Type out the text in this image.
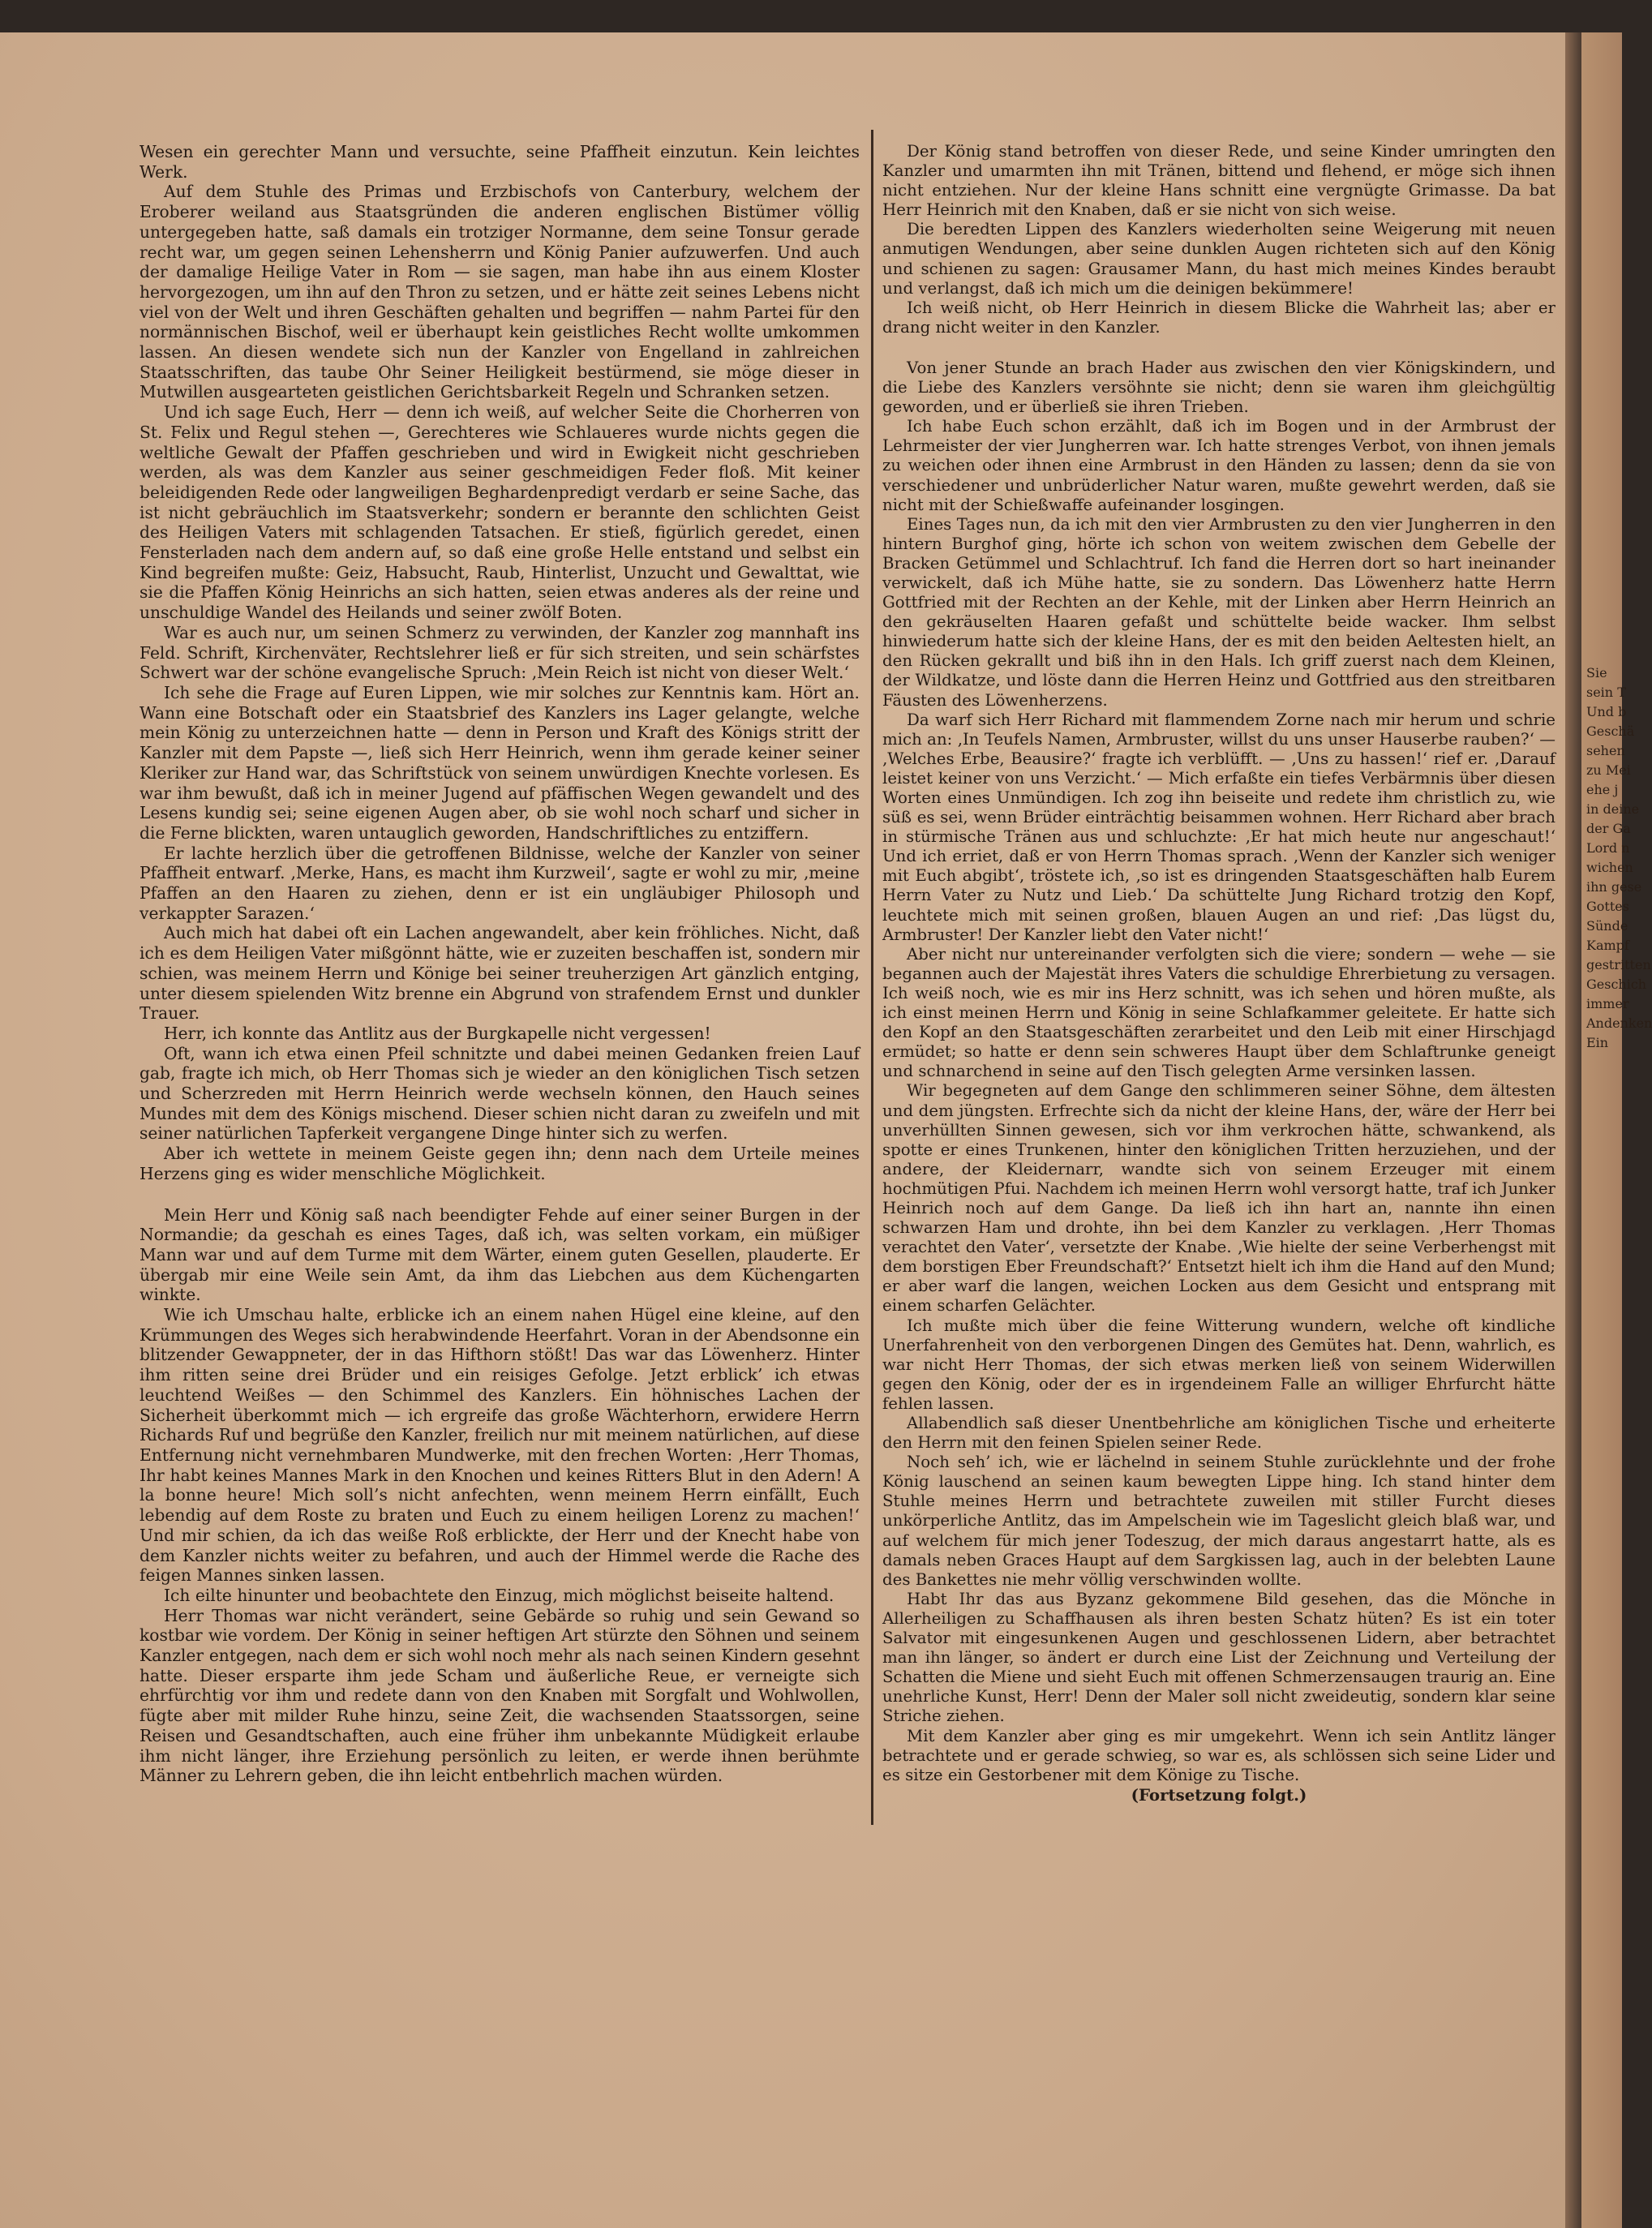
Sie
sein T
Und b
Geschä
sehen
zu Mei
ehe j
in deine
der Ga
Lord n
wichen
ihn gese
Gottes
Sünde
Kampf
gestritten
Geschich
immer
Andenken
Ein

Wesen ein gerechter Mann und versuchte, seine Pfaffheit einzutun. Kein leichtes Werk.

Auf dem Stuhle des Primas und Erzbischofs von Canterbury, welchem der Eroberer weiland aus Staatsgründen die anderen englischen Bistümer völlig untergegeben hatte, saß damals ein trotziger Normanne, dem seine Tonsur gerade recht war, um gegen seinen Lehensherrn und König Panier aufzuwerfen. Und auch der damalige Heilige Vater in Rom — sie sagen, man habe ihn aus einem Kloster hervorgezogen, um ihn auf den Thron zu setzen, und er hätte zeit seines Lebens nicht viel von der Welt und ihren Geschäften gehalten und begriffen — nahm Partei für den normännischen Bischof, weil er überhaupt kein geistliches Recht wollte umkommen lassen. An diesen wendete sich nun der Kanzler von Engelland in zahlreichen Staatsschriften, das taube Ohr Seiner Heiligkeit bestürmend, sie möge dieser in Mutwillen ausgearteten geistlichen Gerichtsbarkeit Regeln und Schranken setzen.

Und ich sage Euch, Herr — denn ich weiß, auf welcher Seite die Chorherren von St. Felix und Regul stehen —, Gerechteres wie Schlaueres wurde nichts gegen die weltliche Gewalt der Pfaffen geschrieben und wird in Ewigkeit nicht geschrieben werden, als was dem Kanzler aus seiner geschmeidigen Feder floß. Mit keiner beleidigenden Rede oder langweiligen Beghardenpredigt verdarb er seine Sache, das ist nicht gebräuchlich im Staatsverkehr; sondern er berannte den schlichten Geist des Heiligen Vaters mit schlagenden Tatsachen. Er stieß, figürlich geredet, einen Fensterladen nach dem andern auf, so daß eine große Helle entstand und selbst ein Kind begreifen mußte: Geiz, Habsucht, Raub, Hinterlist, Unzucht und Gewalttat, wie sie die Pfaffen König Heinrichs an sich hatten, seien etwas anderes als der reine und unschuldige Wandel des Heilands und seiner zwölf Boten.

War es auch nur, um seinen Schmerz zu verwinden, der Kanzler zog mannhaft ins Feld. Schrift, Kirchenväter, Rechtslehrer ließ er für sich streiten, und sein schärfstes Schwert war der schöne evangelische Spruch: ‚Mein Reich ist nicht von dieser Welt.‘

Ich sehe die Frage auf Euren Lippen, wie mir solches zur Kenntnis kam. Hört an. Wann eine Botschaft oder ein Staatsbrief des Kanzlers ins Lager gelangte, welche mein König zu unterzeichnen hatte — denn in Person und Kraft des Königs stritt der Kanzler mit dem Papste —, ließ sich Herr Heinrich, wenn ihm gerade keiner seiner Kleriker zur Hand war, das Schriftstück von seinem unwürdigen Knechte vorlesen. Es war ihm bewußt, daß ich in meiner Jugend auf pfäffischen Wegen gewandelt und des Lesens kundig sei; seine eigenen Augen aber, ob sie wohl noch scharf und sicher in die Ferne blickten, waren untauglich geworden, Handschriftliches zu entziffern.

Er lachte herzlich über die getroffenen Bildnisse, welche der Kanzler von seiner Pfaffheit entwarf. ‚Merke, Hans, es macht ihm Kurzweil‘, sagte er wohl zu mir, ‚meine Pfaffen an den Haaren zu ziehen, denn er ist ein ungläubiger Philosoph und verkappter Sarazen.‘

Auch mich hat dabei oft ein Lachen angewandelt, aber kein fröhliches. Nicht, daß ich es dem Heiligen Vater mißgönnt hätte, wie er zuzeiten beschaffen ist, sondern mir schien, was meinem Herrn und Könige bei seiner treuherzigen Art gänzlich entging, unter diesem spielenden Witz brenne ein Abgrund von strafendem Ernst und dunkler Trauer.

Herr, ich konnte das Antlitz aus der Burgkapelle nicht vergessen!

Oft, wann ich etwa einen Pfeil schnitzte und dabei meinen Gedanken freien Lauf gab, fragte ich mich, ob Herr Thomas sich je wieder an den königlichen Tisch setzen und Scherzreden mit Herrn Heinrich werde wechseln können, den Hauch seines Mundes mit dem des Königs mischend. Dieser schien nicht daran zu zweifeln und mit seiner natürlichen Tapferkeit vergangene Dinge hinter sich zu werfen.

Aber ich wettete in meinem Geiste gegen ihn; denn nach dem Urteile meines Herzens ging es wider menschliche Möglichkeit.

Mein Herr und König saß nach beendigter Fehde auf einer seiner Burgen in der Normandie; da geschah es eines Tages, daß ich, was selten vorkam, ein müßiger Mann war und auf dem Turme mit dem Wärter, einem guten Gesellen, plauderte. Er übergab mir eine Weile sein Amt, da ihm das Liebchen aus dem Küchengarten winkte.

Wie ich Umschau halte, erblicke ich an einem nahen Hügel eine kleine, auf den Krümmungen des Weges sich herabwindende Heerfahrt. Voran in der Abendsonne ein blitzender Gewappneter, der in das Hifthorn stößt! Das war das Löwenherz. Hinter ihm ritten seine drei Brüder und ein reisiges Gefolge. Jetzt erblick’ ich etwas leuchtend Weißes — den Schimmel des Kanzlers. Ein höhnisches Lachen der Sicherheit überkommt mich — ich ergreife das große Wächterhorn, erwidere Herrn Richards Ruf und begrüße den Kanzler, freilich nur mit meinem natürlichen, auf diese Entfernung nicht vernehmbaren Mundwerke, mit den frechen Worten: ‚Herr Thomas, Ihr habt keines Mannes Mark in den Knochen und keines Ritters Blut in den Adern! A la bonne heure! Mich soll’s nicht anfechten, wenn meinem Herrn einfällt, Euch lebendig auf dem Roste zu braten und Euch zu einem heiligen Lorenz zu machen!‘ Und mir schien, da ich das weiße Roß erblickte, der Herr und der Knecht habe von dem Kanzler nichts weiter zu befahren, und auch der Himmel werde die Rache des feigen Mannes sinken lassen.

Ich eilte hinunter und beobachtete den Einzug, mich möglichst beiseite haltend.

Herr Thomas war nicht verändert, seine Gebärde so ruhig und sein Gewand so kostbar wie vordem. Der König in seiner heftigen Art stürzte den Söhnen und seinem Kanzler entgegen, nach dem er sich wohl noch mehr als nach seinen Kindern gesehnt hatte. Dieser ersparte ihm jede Scham und äußerliche Reue, er verneigte sich ehrfürchtig vor ihm und redete dann von den Knaben mit Sorgfalt und Wohlwollen, fügte aber mit milder Ruhe hinzu, seine Zeit, die wachsenden Staatssorgen, seine Reisen und Gesandtschaften, auch eine früher ihm unbekannte Müdigkeit erlaube ihm nicht länger, ihre Erziehung persönlich zu leiten, er werde ihnen berühmte Männer zu Lehrern geben, die ihn leicht entbehrlich machen würden.

Der König stand betroffen von dieser Rede, und seine Kinder umringten den Kanzler und umarmten ihn mit Tränen, bittend und flehend, er möge sich ihnen nicht entziehen. Nur der kleine Hans schnitt eine vergnügte Grimasse. Da bat Herr Heinrich mit den Knaben, daß er sie nicht von sich weise.

Die beredten Lippen des Kanzlers wiederholten seine Weigerung mit neuen anmutigen Wendungen, aber seine dunklen Augen richteten sich auf den König und schienen zu sagen: Grausamer Mann, du hast mich meines Kindes beraubt und verlangst, daß ich mich um die deinigen bekümmere!

Ich weiß nicht, ob Herr Heinrich in diesem Blicke die Wahrheit las; aber er drang nicht weiter in den Kanzler.

Von jener Stunde an brach Hader aus zwischen den vier Königskindern, und die Liebe des Kanzlers versöhnte sie nicht; denn sie waren ihm gleichgültig geworden, und er überließ sie ihren Trieben.

Ich habe Euch schon erzählt, daß ich im Bogen und in der Armbrust der Lehrmeister der vier Jungherren war. Ich hatte strenges Verbot, von ihnen jemals zu weichen oder ihnen eine Armbrust in den Händen zu lassen; denn da sie von verschiedener und unbrüderlicher Natur waren, mußte gewehrt werden, daß sie nicht mit der Schießwaffe aufeinander losgingen.

Eines Tages nun, da ich mit den vier Armbrusten zu den vier Jungherren in den hintern Burghof ging, hörte ich schon von weitem zwischen dem Gebelle der Bracken Getümmel und Schlachtruf. Ich fand die Herren dort so hart ineinander verwickelt, daß ich Mühe hatte, sie zu sondern. Das Löwenherz hatte Herrn Gottfried mit der Rechten an der Kehle, mit der Linken aber Herrn Heinrich an den gekräuselten Haaren gefaßt und schüttelte beide wacker. Ihm selbst hinwiederum hatte sich der kleine Hans, der es mit den beiden Aeltesten hielt, an den Rücken gekrallt und biß ihn in den Hals. Ich griff zuerst nach dem Kleinen, der Wildkatze, und löste dann die Herren Heinz und Gottfried aus den streitbaren Fäusten des Löwenherzens.

Da warf sich Herr Richard mit flammendem Zorne nach mir herum und schrie mich an: ‚In Teufels Namen, Armbruster, willst du uns unser Hauserbe rauben?‘ — ‚Welches Erbe, Beausire?‘ fragte ich verblüfft. — ‚Uns zu hassen!‘ rief er. ‚Darauf leistet keiner von uns Verzicht.‘ — Mich erfaßte ein tiefes Verbärmnis über diesen Worten eines Unmündigen. Ich zog ihn beiseite und redete ihm christlich zu, wie süß es sei, wenn Brüder einträchtig beisammen wohnen. Herr Richard aber brach in stürmische Tränen aus und schluchzte: ‚Er hat mich heute nur angeschaut!‘ Und ich erriet, daß er von Herrn Thomas sprach. ‚Wenn der Kanzler sich weniger mit Euch abgibt‘, tröstete ich, ‚so ist es dringenden Staatsgeschäften halb Eurem Herrn Vater zu Nutz und Lieb.‘ Da schüttelte Jung Richard trotzig den Kopf, leuchtete mich mit seinen großen, blauen Augen an und rief: ‚Das lügst du, Armbruster! Der Kanzler liebt den Vater nicht!‘

Aber nicht nur untereinander verfolgten sich die viere; sondern — wehe — sie begannen auch der Majestät ihres Vaters die schuldige Ehrerbietung zu versagen. Ich weiß noch, wie es mir ins Herz schnitt, was ich sehen und hören mußte, als ich einst meinen Herrn und König in seine Schlafkammer geleitete. Er hatte sich den Kopf an den Staatsgeschäften zerarbeitet und den Leib mit einer Hirschjagd ermüdet; so hatte er denn sein schweres Haupt über dem Schlaftrunke geneigt und schnarchend in seine auf den Tisch gelegten Arme versinken lassen.

Wir begegneten auf dem Gange den schlimmeren seiner Söhne, dem ältesten und dem jüngsten. Erfrechte sich da nicht der kleine Hans, der, wäre der Herr bei unverhüllten Sinnen gewesen, sich vor ihm verkrochen hätte, schwankend, als spotte er eines Trunkenen, hinter den königlichen Tritten herzuziehen, und der andere, der Kleidernarr, wandte sich von seinem Erzeuger mit einem hochmütigen Pfui. Nachdem ich meinen Herrn wohl versorgt hatte, traf ich Junker Heinrich noch auf dem Gange. Da ließ ich ihn hart an, nannte ihn einen schwarzen Ham und drohte, ihn bei dem Kanzler zu verklagen. ‚Herr Thomas verachtet den Vater‘, versetzte der Knabe. ‚Wie hielte der seine Verberhengst mit dem borstigen Eber Freundschaft?‘ Entsetzt hielt ich ihm die Hand auf den Mund; er aber warf die langen, weichen Locken aus dem Gesicht und entsprang mit einem scharfen Gelächter.

Ich mußte mich über die feine Witterung wundern, welche oft kindliche Unerfahrenheit von den verborgenen Dingen des Gemütes hat. Denn, wahrlich, es war nicht Herr Thomas, der sich etwas merken ließ von seinem Widerwillen gegen den König, oder der es in irgendeinem Falle an williger Ehrfurcht hätte fehlen lassen.

Allabendlich saß dieser Unentbehrliche am königlichen Tische und erheiterte den Herrn mit den feinen Spielen seiner Rede.

Noch seh’ ich, wie er lächelnd in seinem Stuhle zurücklehnte und der frohe König lauschend an seinen kaum bewegten Lippe hing. Ich stand hinter dem Stuhle meines Herrn und betrachtete zuweilen mit stiller Furcht dieses unkörperliche Antlitz, das im Ampelschein wie im Tageslicht gleich blaß war, und auf welchem für mich jener Todeszug, der mich daraus angestarrt hatte, als es damals neben Graces Haupt auf dem Sargkissen lag, auch in der belebten Laune des Bankettes nie mehr völlig verschwinden wollte.

Habt Ihr das aus Byzanz gekommene Bild gesehen, das die Mönche in Allerheiligen zu Schaffhausen als ihren besten Schatz hüten? Es ist ein toter Salvator mit eingesunkenen Augen und geschlossenen Lidern, aber betrachtet man ihn länger, so ändert er durch eine List der Zeichnung und Verteilung der Schatten die Miene und sieht Euch mit offenen Schmerzensaugen traurig an. Eine unehrliche Kunst, Herr! Denn der Maler soll nicht zweideutig, sondern klar seine Striche ziehen.

Mit dem Kanzler aber ging es mir umgekehrt. Wenn ich sein Antlitz länger betrachtete und er gerade schwieg, so war es, als schlössen sich seine Lider und es sitze ein Gestorbener mit dem Könige zu Tische.

(Fortsetzung folgt.)
